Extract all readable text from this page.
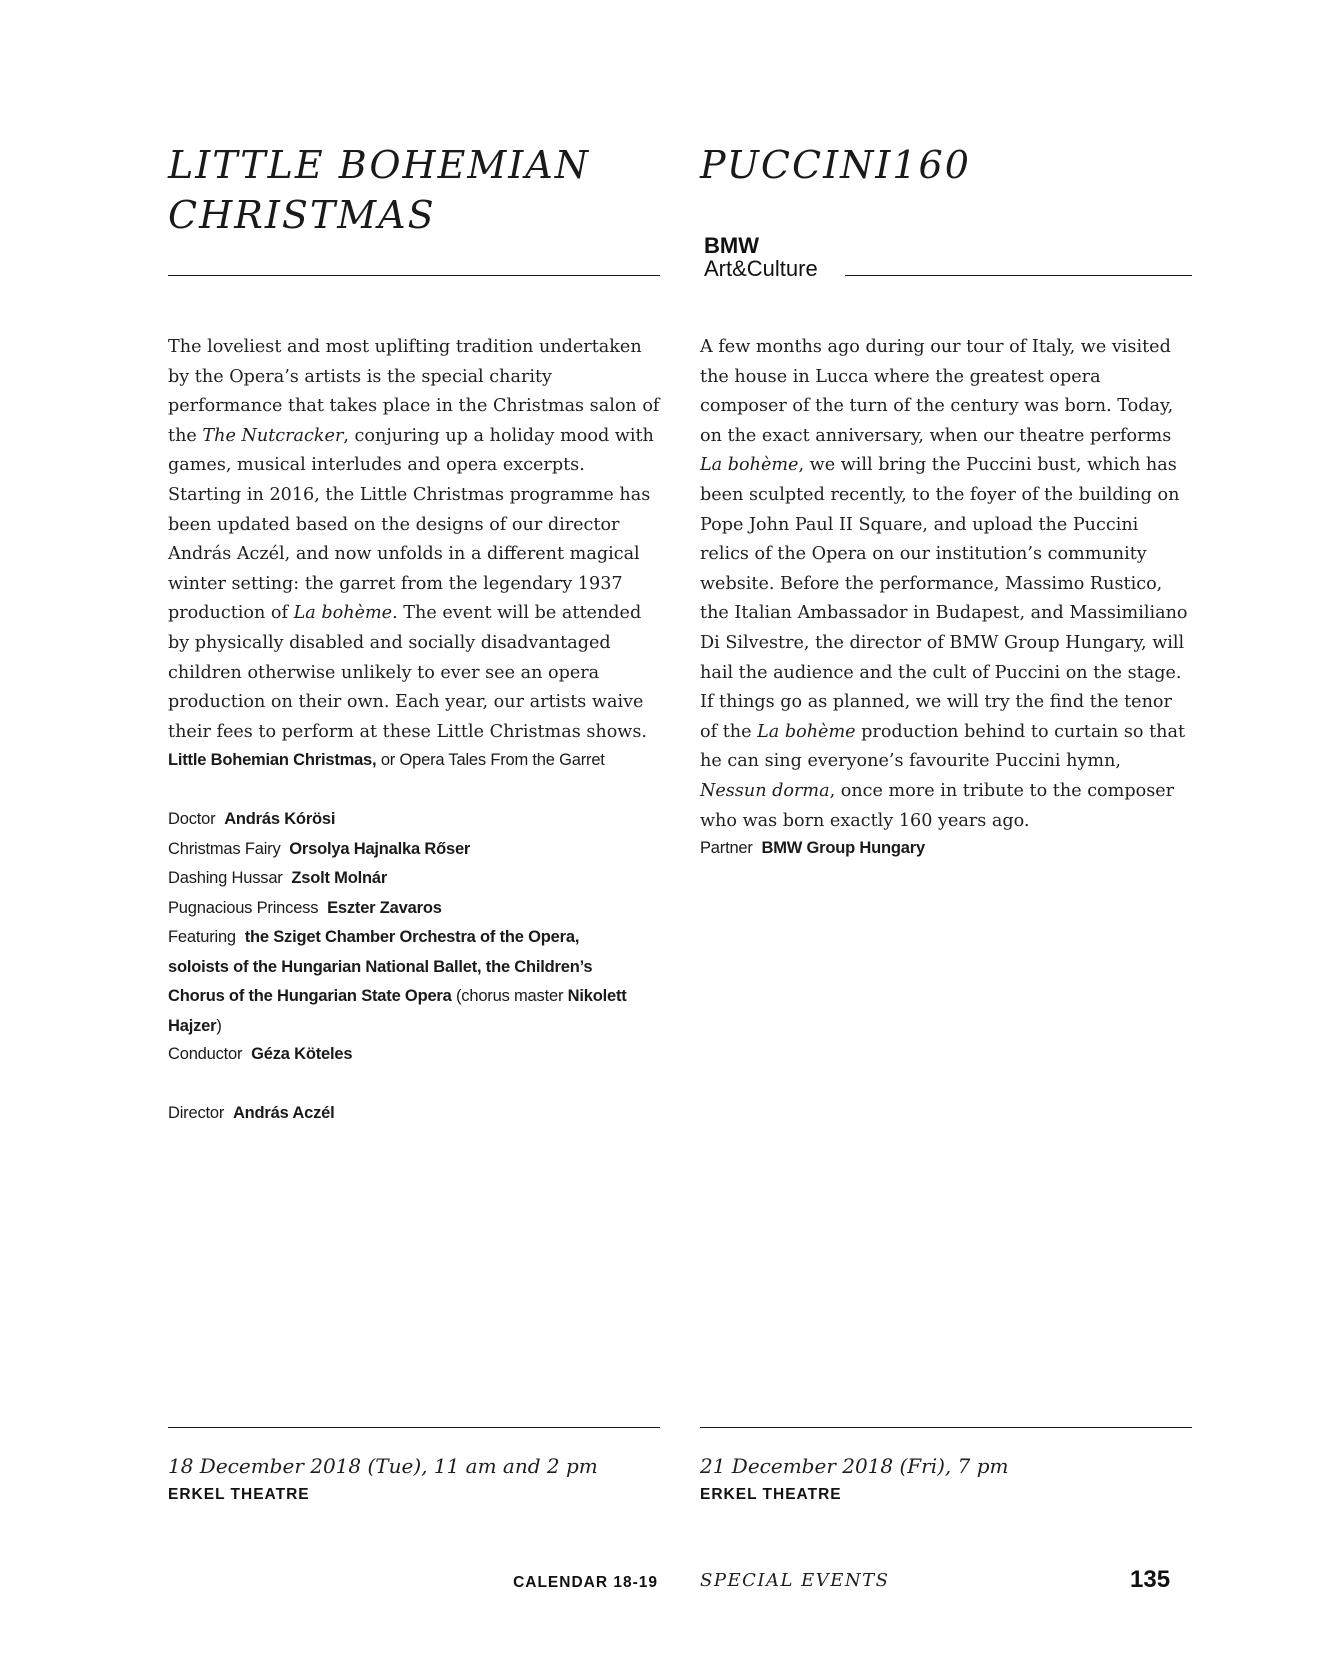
LITTLE BOHEMIAN
CHRISTMAS

The loveliest and most uplifting tradition undertaken by the Opera’s artists is the special charity performance that takes place in the Christmas salon of the The Nutcracker, conjuring up a holiday mood with games, musical interludes and opera excerpts. Starting in 2016, the Little Christmas programme has been updated based on the designs of our director András Aczél, and now unfolds in a different magical winter setting: the garret from the legendary 1937 production of La bohème. The event will be attended by physically disabled and socially disadvantaged children otherwise unlikely to ever see an opera production on their own. Each year, our artists waive their fees to perform at these Little Christmas shows.

Little Bohemian Christmas, or Opera Tales From the Garret

Doctor András Kórösi

Christmas Fairy Orsolya Hajnalka Rőser

Dashing Hussar Zsolt Molnár

Pugnacious Princess Eszter Zavaros

Featuring the Sziget Chamber Orchestra of the Opera, soloists of the Hungarian National Ballet, the Children’s Chorus of the Hungarian State Opera (chorus master Nikolett Hajzer)

Conductor Géza Köteles

Director András Aczél

18 December 2018 (Tue), 11 am and 2 pm

ERKEL THEATRE

PUCCINI160
BMW
Art&Culture

A few months ago during our tour of Italy, we visited the house in Lucca where the greatest opera composer of the turn of the century was born. Today, on the exact anniversary, when our theatre performs La bohème, we will bring the Puccini bust, which has been sculpted recently, to the foyer of the building on Pope John Paul II Square, and upload the Puccini relics of the Opera on our institution’s community website. Before the performance, Massimo Rustico, the Italian Ambassador in Budapest, and Massimiliano Di Silvestre, the director of BMW Group Hungary, will hail the audience and the cult of Puccini on the stage. If things go as planned, we will try the find the tenor of the La bohème production behind to curtain so that he can sing everyone’s favourite Puccini hymn, Nessun dorma, once more in tribute to the composer who was born exactly 160 years ago.

Partner BMW Group Hungary

21 December 2018 (Fri), 7 pm

ERKEL THEATRE

CALENDAR 18-19 SPECIAL EVENTS	135
